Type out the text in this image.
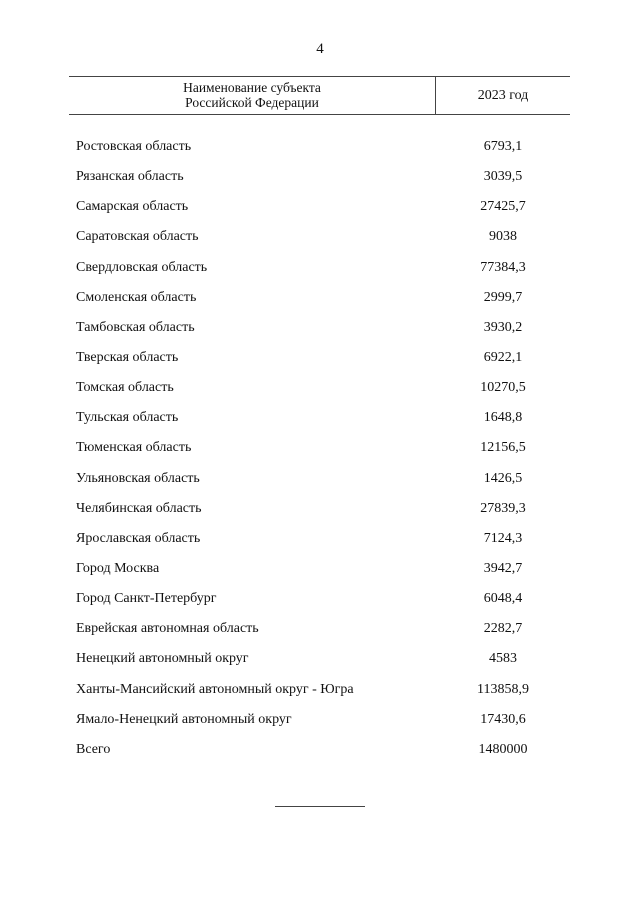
4
Наименование субъекта
Российской Федерации	2023 год
Ростовская область	6793,1
Рязанская область	3039,5
Самарская область	27425,7
Саратовская область	9038
Свердловская область	77384,3
Смоленская область	2999,7
Тамбовская область	3930,2
Тверская область	6922,1
Томская область	10270,5
Тульская область	1648,8
Тюменская область	12156,5
Ульяновская область	1426,5
Челябинская область	27839,3
Ярославская область	7124,3
Город Москва	3942,7
Город Санкт-Петербург	6048,4
Еврейская автономная область	2282,7
Ненецкий автономный округ	4583
Ханты-Мансийский автономный округ - Югра	113858,9
Ямало-Ненецкий автономный округ	17430,6
Всего	1480000
